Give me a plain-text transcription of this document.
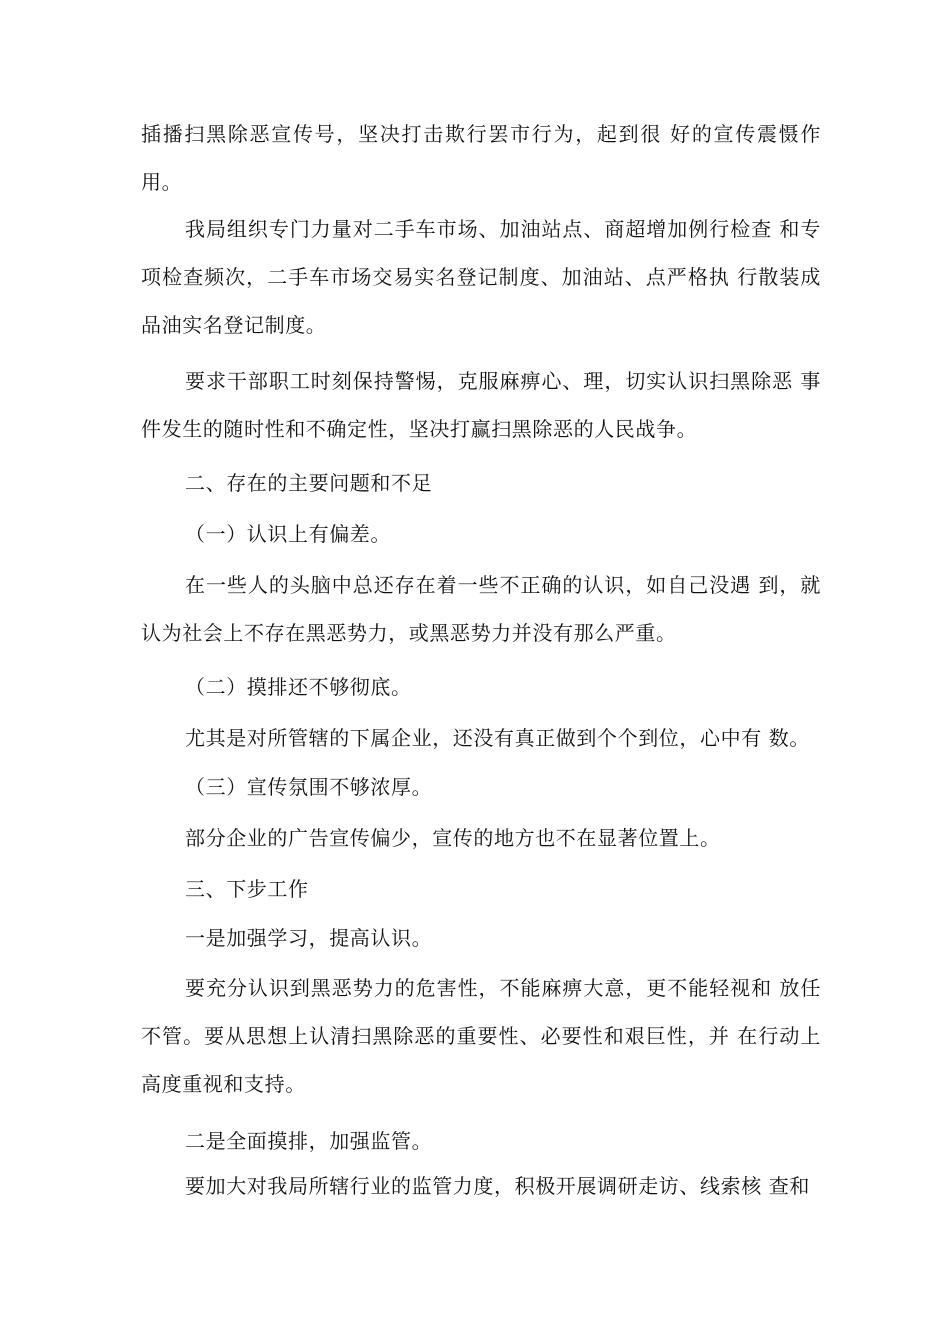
插播扫黑除恶宣传号，坚决打击欺行罢市行为，起到很 好的宣传震慑作用。

我局组织专门力量对二手车市场、加油站点、商超增加例行检查 和专项检查频次，二手车市场交易实名登记制度、加油站、点严格执 行散装成品油实名登记制度。

要求干部职工时刻保持警惕，克服麻痹心、理，切实认识扫黑除恶 事件发生的随时性和不确定性，坚决打赢扫黑除恶的人民战争。

二、存在的主要问题和不足

（一）认识上有偏差。

在一些人的头脑中总还存在着一些不正确的认识，如自己没遇 到，就认为社会上不存在黑恶势力，或黑恶势力并没有那么严重。

（二）摸排还不够彻底。

尤其是对所管辖的下属企业，还没有真正做到个个到位，心中有 数。

（三）宣传氛围不够浓厚。

部分企业的广告宣传偏少，宣传的地方也不在显著位置上。

三、下步工作

一是加强学习，提高认识。

要充分认识到黑恶势力的危害性，不能麻痹大意，更不能轻视和 放任不管。要从思想上认清扫黑除恶的重要性、必要性和艰巨性，并 在行动上高度重视和支持。

二是全面摸排，加强监管。

要加大对我局所辖行业的监管力度，积极开展调研走访、线索核 查和
